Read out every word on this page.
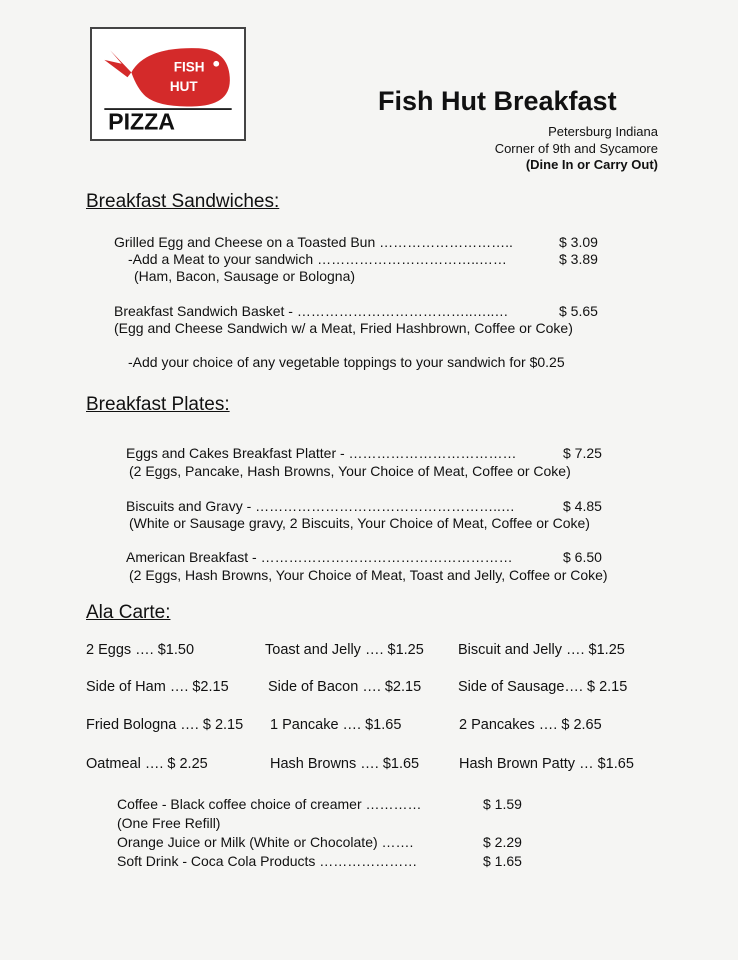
FISH
HUT
PIZZA
Fish Hut Breakfast
Petersburg Indiana
Corner of 9th and Sycamore
(Dine In or Carry Out)
Breakfast Sandwiches:
Grilled Egg and Cheese on a Toasted Bun ………………………..	$ 3.09
-Add a Meat to your sandwich ……………………………..……	$ 3.89
(Ham, Bacon, Sausage or Bologna)
Breakfast Sandwich Basket - ………………………………..…..…	$ 5.65
(Egg and Cheese Sandwich w/ a Meat, Fried Hashbrown, Coffee or Coke)
-Add your choice of any vegetable toppings to your sandwich for $0.25
Breakfast Plates:
Eggs and Cakes Breakfast Platter - ………………………………	$ 7.25
(2 Eggs, Pancake, Hash Browns, Your Choice of Meat, Coffee or Coke)
Biscuits and Gravy - ……………………………………………..…	$ 4.85
(White or Sausage gravy, 2 Biscuits, Your Choice of Meat, Coffee or Coke)
American Breakfast - ………………………………………………	$ 6.50
(2 Eggs, Hash Browns, Your Choice of Meat, Toast and Jelly, Coffee or Coke)
Ala Carte:
2 Eggs …. $1.50	Toast and Jelly …. $1.25 Biscuit and Jelly …. $1.25
Side of Ham …. $2.15	Side of Bacon …. $2.15	Side of Sausage…. $ 2.15
Fried Bologna …. $ 2.15 1 Pancake …. $1.65	2 Pancakes …. $ 2.65
Oatmeal …. $ 2.25	Hash Browns …. $1.65	Hash Brown Patty … $1.65
Coffee - Black coffee choice of creamer …………	$ 1.59
(One Free Refill)
Orange Juice or Milk (White or Chocolate) …….	$ 2.29
Soft Drink - Coca Cola Products …………………	$ 1.65
